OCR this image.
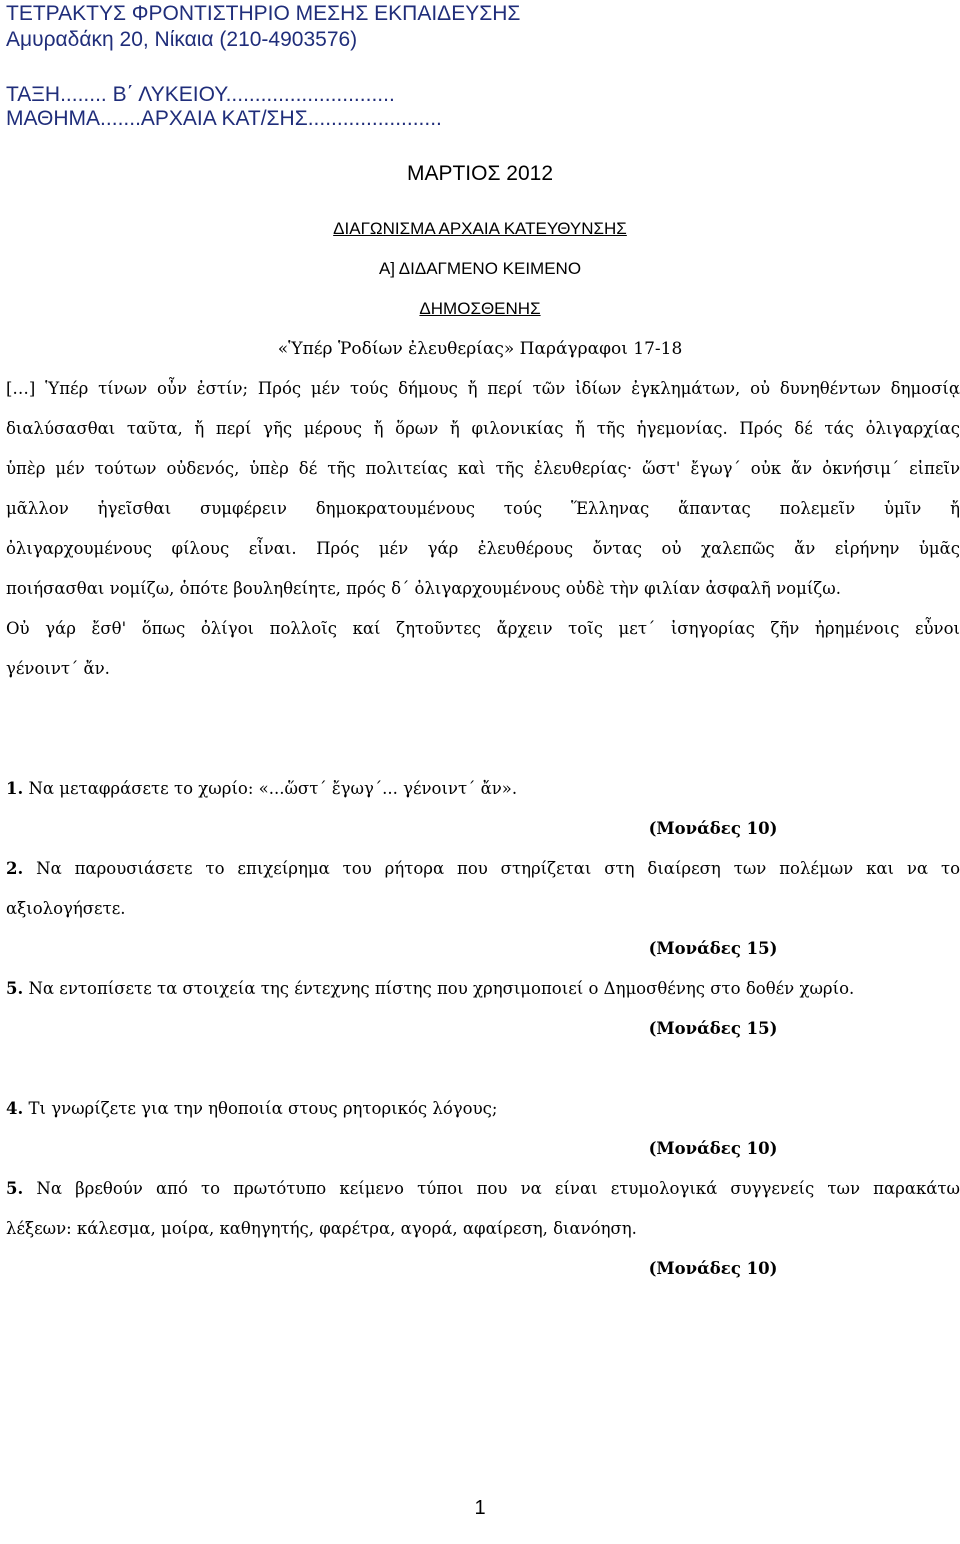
ΤΕΤΡΑΚΤΥΣ ΦΡΟΝΤΙΣΤΗΡΙΟ ΜΕΣΗΣ ΕΚΠΑΙΔΕΥΣΗΣ
Αμυραδάκη 20, Νίκαια (210-4903576)
ΤΑΞΗ........ Β΄ ΛΥΚΕΙΟΥ.............................
ΜΑΘΗΜΑ.......ΑΡΧΑΙΑ ΚΑΤ/ΣΗΣ.......................
ΜΑΡΤΙΟΣ 2012
ΔΙΑΓΩΝΙΣΜΑ ΑΡΧΑΙΑ ΚΑΤΕΥΘΥΝΣΗΣ
Α] ΔΙΔΑΓΜΕΝΟ ΚΕΙΜΕΝΟ
ΔΗΜΟΣΘΕΝΗΣ
«Ὑπέρ Ῥοδίων ἐλευθερίας» Παράγραφοι 17-18
[…] Ὑπέρ τίνων οὖν ἐστίν; Πρός μέν τούς δήμους ἤ περί τῶν ἰδίων ἐγκλημάτων, οὐ δυνηθέντων δημοσίᾳ
διαλύσασθαι ταῦτα, ἤ περί γῆς μέρους ἤ ὅρων ἤ φιλονικίας ἤ τῆς ἡγεμονίας. Πρός δέ τάς ὀλιγαρχίας
ὑπὲρ μέν τούτων οὐδενός, ὑπὲρ δέ τῆς πολιτείας καὶ τῆς ἐλευθερίας· ὥστ' ἔγωγ΄ οὐκ ἄν ὀκνήσιμ΄ εἰπεῖν
μᾶλλον ἡγεῖσθαι συμφέρειν δημοκρατουμένους τούς Ἕλληνας ἅπαντας πολεμεῖν ὑμῖν ἤ
ὀλιγαρχουμένους φίλους εἶναι. Πρός μέν γάρ ἐλευθέρους ὄντας οὐ χαλεπῶς ἄν εἰρήνην ὑμᾶς
ποιήσασθαι νομίζω, ὁπότε βουληθείητε, πρός δ΄ ὀλιγαρχουμένους οὐδὲ τὴν φιλίαν ἀσφαλῆ νομίζω.
Οὐ γάρ ἔσθ' ὅπως ὀλίγοι πολλοῖς καί ζητοῦντες ἄρχειν τοῖς μετ΄ ἰσηγορίας ζῆν ἠρημένοις εὖνοι
γένοιντ΄ ἄν.
1. Να μεταφράσετε το χωρίο: «...ὥστ΄ ἔγωγ΄... γένοιντ΄ ἄν».
(Μονάδες 10)
2. Να παρουσιάσετε το επιχείρημα του ρήτορα που στηρίζεται στη διαίρεση των πολέμων και να το
αξιολογήσετε.
(Μονάδες 15)
5. Να εντοπίσετε τα στοιχεία της έντεχνης πίστης που χρησιμοποιεί ο Δημοσθένης στο δοθέν χωρίο.
(Μονάδες 15)
4. Τι γνωρίζετε για την ηθοποιία στους ρητορικός λόγους;
(Μονάδες 10)
5. Να βρεθούν από το πρωτότυπο κείμενο τύποι που να είναι ετυμολογικά συγγενείς των παρακάτω
λέξεων: κάλεσμα, μοίρα, καθηγητής, φαρέτρα, αγορά, αφαίρεση, διανόηση.
(Μονάδες 10)
1
